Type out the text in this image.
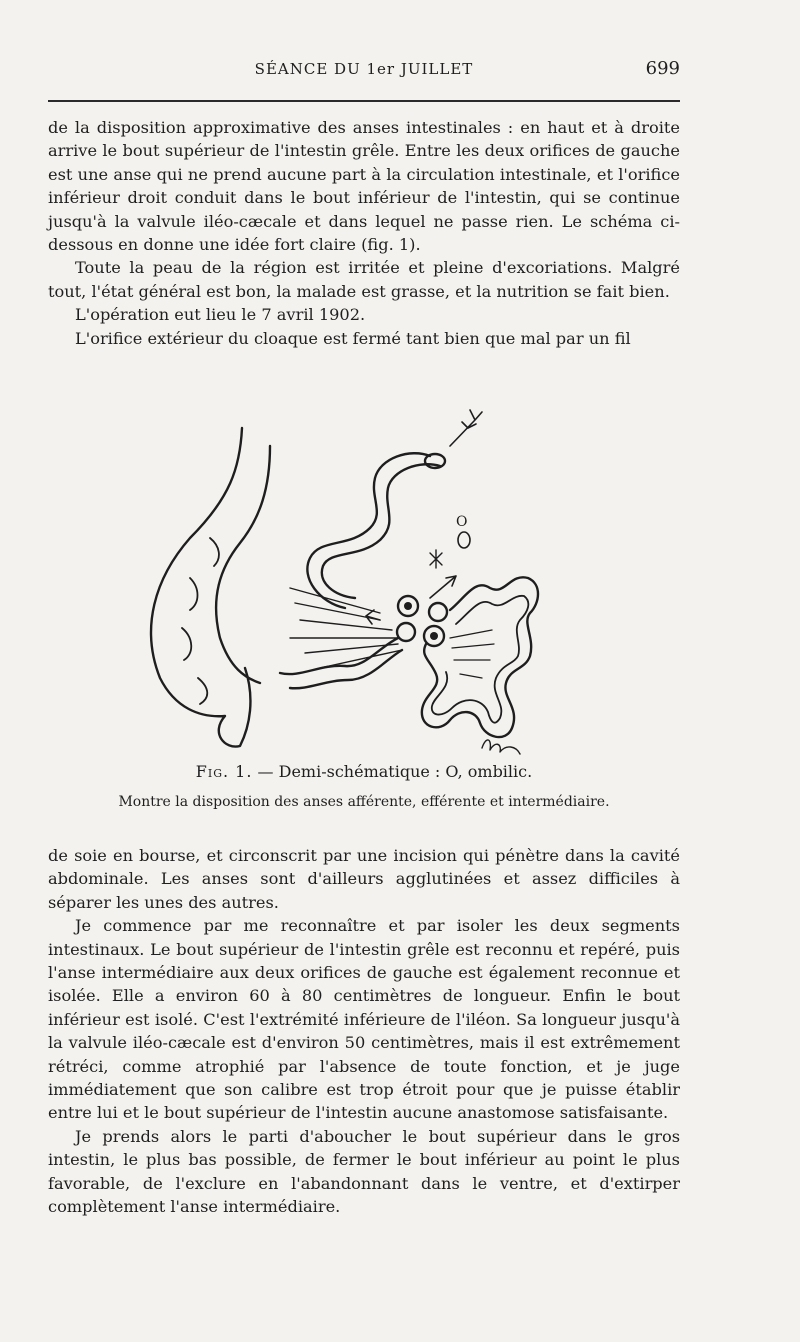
SÉANCE DU 1er JUILLET	699

de la disposition approximative des anses intestinales : en haut et à droite arrive le bout supérieur de l'intestin grêle. Entre les deux orifices de gauche est une anse qui ne prend aucune part à la circulation intestinale, et l'orifice inférieur droit conduit dans le bout inférieur de l'intestin, qui se continue jusqu'à la valvule iléo-cæcale et dans lequel ne passe rien. Le schéma ci-dessous en donne une idée fort claire (fig. 1).

Toute la peau de la région est irritée et pleine d'excoriations. Malgré tout, l'état général est bon, la malade est grasse, et la nutrition se fait bien.

L'opération eut lieu le 7 avril 1902.

L'orifice extérieur du cloaque est fermé tant bien que mal par un fil

O
Fig. 1. — Demi-schématique : O, ombilic.
Montre la disposition des anses afférente, efférente et intermédiaire.

de soie en bourse, et circonscrit par une incision qui pénètre dans la cavité abdominale. Les anses sont d'ailleurs agglutinées et assez difficiles à séparer les unes des autres.

Je commence par me reconnaître et par isoler les deux segments intestinaux. Le bout supérieur de l'intestin grêle est reconnu et repéré, puis l'anse intermédiaire aux deux orifices de gauche est également reconnue et isolée. Elle a environ 60 à 80 centimètres de longueur. Enfin le bout inférieur est isolé. C'est l'extrémité inférieure de l'iléon. Sa longueur jusqu'à la valvule iléo-cæcale est d'environ 50 centimètres, mais il est extrêmement rétréci, comme atrophié par l'absence de toute fonction, et je juge immédiatement que son calibre est trop étroit pour que je puisse établir entre lui et le bout supérieur de l'intestin aucune anastomose satisfaisante.

Je prends alors le parti d'aboucher le bout supérieur dans le gros intestin, le plus bas possible, de fermer le bout inférieur au point le plus favorable, de l'exclure en l'abandonnant dans le ventre, et d'extirper complètement l'anse intermédiaire.
